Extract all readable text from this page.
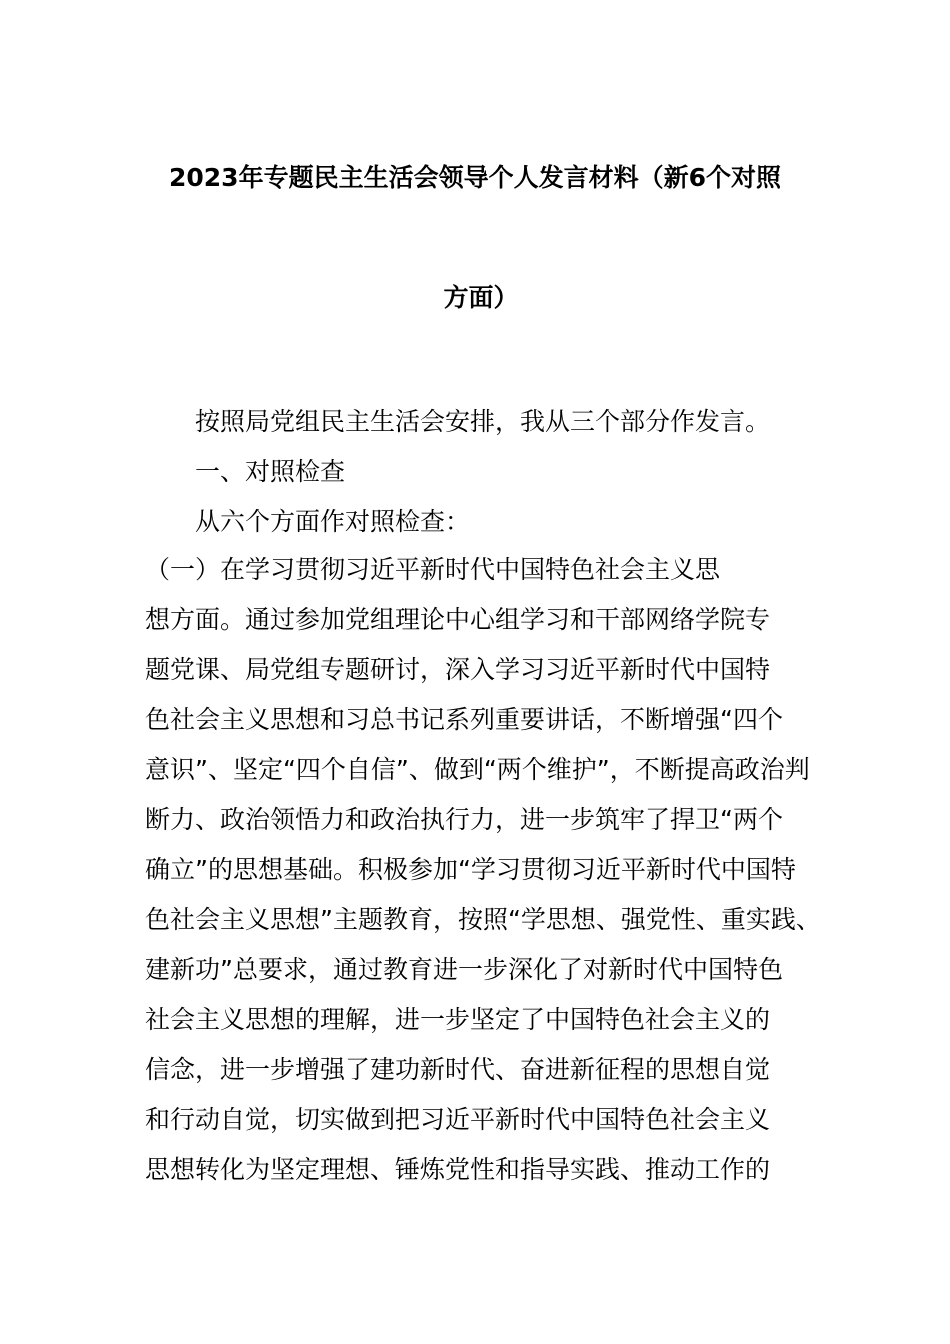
2023年专题民主生活会领导个人发言材料（新6个对照
方面）
按照局党组民主生活会安排，我从三个部分作发言。
一、对照检查
从六个方面作对照检查：
（一）在学习贯彻习近平新时代中国特色社会主义思
想方面。通过参加党组理论中心组学习和干部网络学院专
题党课、局党组专题研讨，深入学习习近平新时代中国特
色社会主义思想和习总书记系列重要讲话，不断增强“四个
意识”、坚定“四个自信”、做到“两个维护”，不断提高政治判
断力、政治领悟力和政治执行力，进一步筑牢了捍卫“两个
确立”的思想基础。积极参加“学习贯彻习近平新时代中国特
色社会主义思想”主题教育，按照“学思想、强党性、重实践、
建新功”总要求，通过教育进一步深化了对新时代中国特色
社会主义思想的理解，进一步坚定了中国特色社会主义的
信念，进一步增强了建功新时代、奋进新征程的思想自觉
和行动自觉，切实做到把习近平新时代中国特色社会主义
思想转化为坚定理想、锤炼党性和指导实践、推动工作的
